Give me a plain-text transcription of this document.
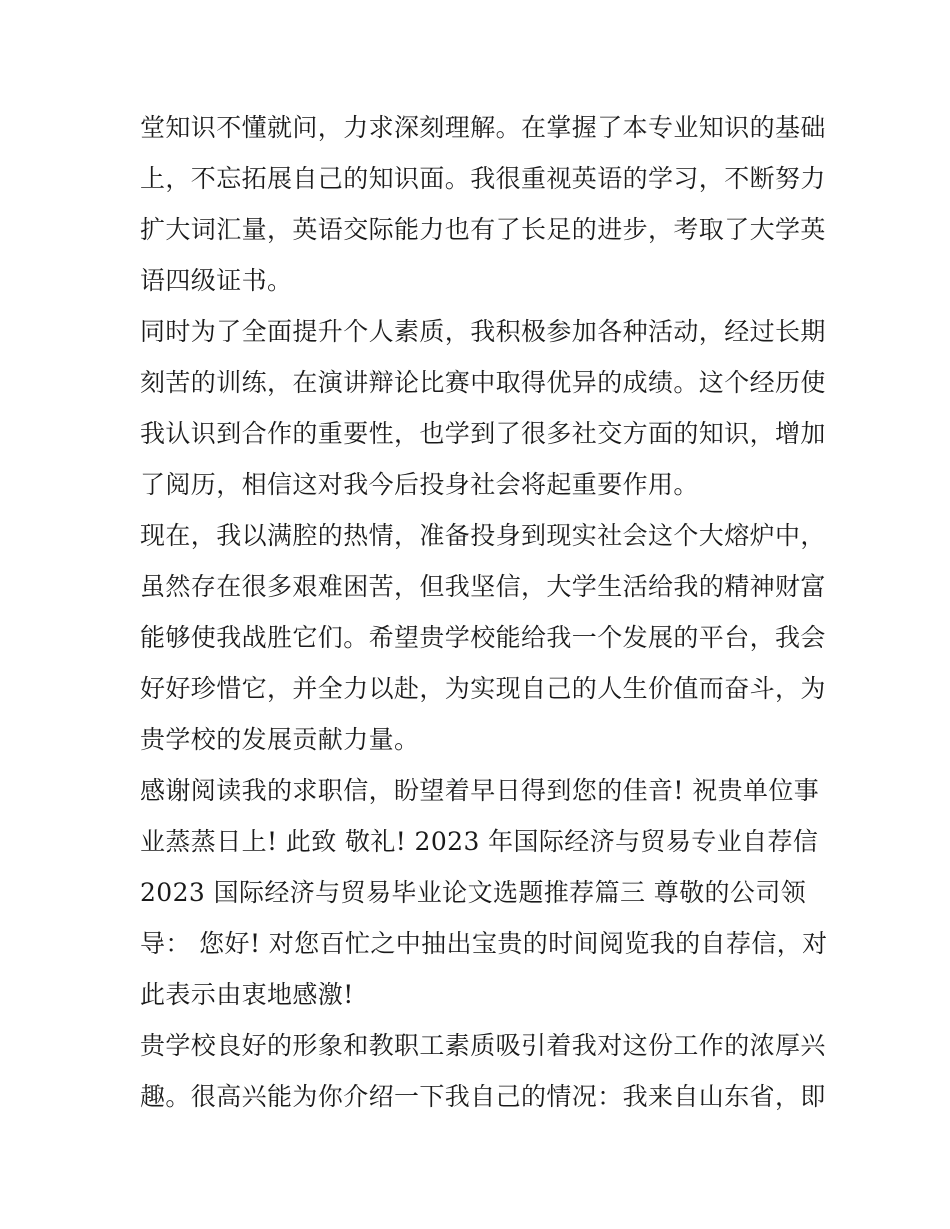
堂知识不懂就问，力求深刻理解。在掌握了本专业知识的基础
上，不忘拓展自己的知识面。我很重视英语的学习，不断努力
扩大词汇量，英语交际能力也有了长足的进步，考取了大学英
语四级证书。
同时为了全面提升个人素质，我积极参加各种活动，经过长期
刻苦的训练，在演讲辩论比赛中取得优异的成绩。这个经历使
我认识到合作的重要性，也学到了很多社交方面的知识，增加
了阅历，相信这对我今后投身社会将起重要作用。
现在，我以满腔的热情，准备投身到现实社会这个大熔炉中，
虽然存在很多艰难困苦，但我坚信，大学生活给我的精神财富
能够使我战胜它们。希望贵学校能给我一个发展的平台，我会
好好珍惜它，并全力以赴，为实现自己的人生价值而奋斗，为
贵学校的发展贡献力量。
感谢阅读我的求职信，盼望着早日得到您的佳音! 祝贵单位事
业蒸蒸日上! 此致 敬礼! 2023 年国际经济与贸易专业自荐信
2023 国际经济与贸易毕业论文选题推荐篇三 尊敬的公司领
导： 您好! 对您百忙之中抽出宝贵的时间阅览我的自荐信，对
此表示由衷地感激!
贵学校良好的形象和教职工素质吸引着我对这份工作的浓厚兴
趣。很高兴能为你介绍一下我自己的情况：我来自山东省，即
